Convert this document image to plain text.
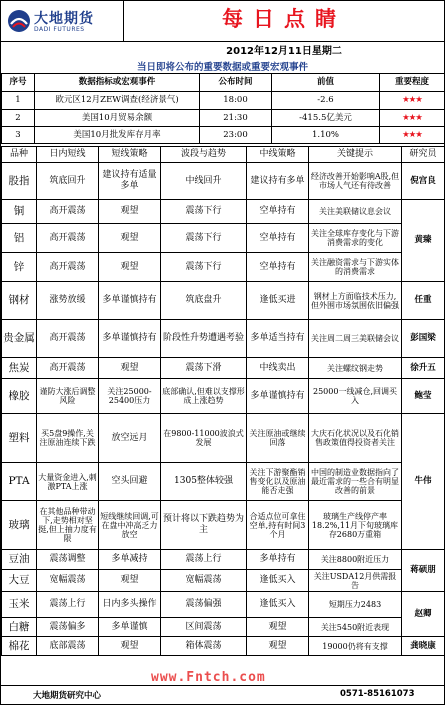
大地期货
DADI FUTURES	每日点睛
2012年12月11日星期二
当日即将公布的重要数据或重要宏观事件
序号	数据指标或宏观事件	公布时间	前值	重要程度
1	欧元区12月ZEW调查(经济景气)	18:00	-2.6	★★★
2	美国10月贸易余额	21:30	-415.5亿美元	★★★
3	美国10月批发库存月率	23:00	1.10%	★★★
品种	日内短线	短线策略	波段与趋势	中线策略	关键提示	研究员
股指	筑底回升	建议持有适量多单	中线回升	建议持有多单	经济改善开始影响A股,但市场人气还有待改善	倪宫良
铜	高开震荡	观望	震荡下行	空单持有	关注美联储议息会议	黄臻
铝	高开震荡	观望	震荡下行	空单持有	关注全球库存变化与下游消费需求的变化	
锌	高开震荡	观望	震荡下行	空单持有	关注融资需求与下游实体的消费需求	
钢材	涨势放缓	多单谨慎持有	筑底盘升	逢低买进	钢材上方面临技术压力,但外围市场氛围依旧偏强	任重
贵金属	高开震荡	多单谨慎持有	阶段性升势遭遇考验	多单适当持有	关注周二周三美联储会议	彭国梁
焦炭	高开震荡	观望	震荡下滑	中线卖出	关注螺纹钢走势	徐升五
橡胶	谨防大涨后调整风险	关注25000-25400压力	底部确认,但难以支撑形成上涨趋势	多单谨慎持有	25000一线减仓,回调买入	鲍莹
塑料	买5盘9操作,关注原油连续下跌	放空远月	在9800-11000波浪式发展	关注原油或继续回落	大庆石化状况以及石化销售政策值得投资者关注	牛伟
PTA	大量资金进入,刺激PTA上涨	空头回避	1305整体较强	关注下游聚酯销售变化以及原油能否走强	中国的制造业数据指向了最近需求的一些合有明显改善的前景	
玻璃	在其他品种带动下,走势相对坚挺,但上抽力度有限	短线继续回调,可在盘中冲高乏力放空	预计将以下跌趋势为主	合适点位可拿住空单,持有时间3个月	玻璃生产线停产率18.2%,11月下旬玻璃库存2680万重箱	
豆油	震荡调整	多单减持	震荡上行	多单持有	关注8800附近压力	蒋硕朋
大豆	宽幅震荡	观望	宽幅震荡	逢低买入	关注USDA12月供需报告	
玉米	震荡上行	日内多头操作	震荡偏强	逢低买入	短期压力2483	赵卿
白糖	震荡偏多	多单谨慎	区间震荡	观望	关注5450附近表现	
棉花	底部震荡	观望	箱体震荡	观望	19000仍将有支撑	龚晓康
www.Fntch.com
大地期货研究中心	0571-85161073
